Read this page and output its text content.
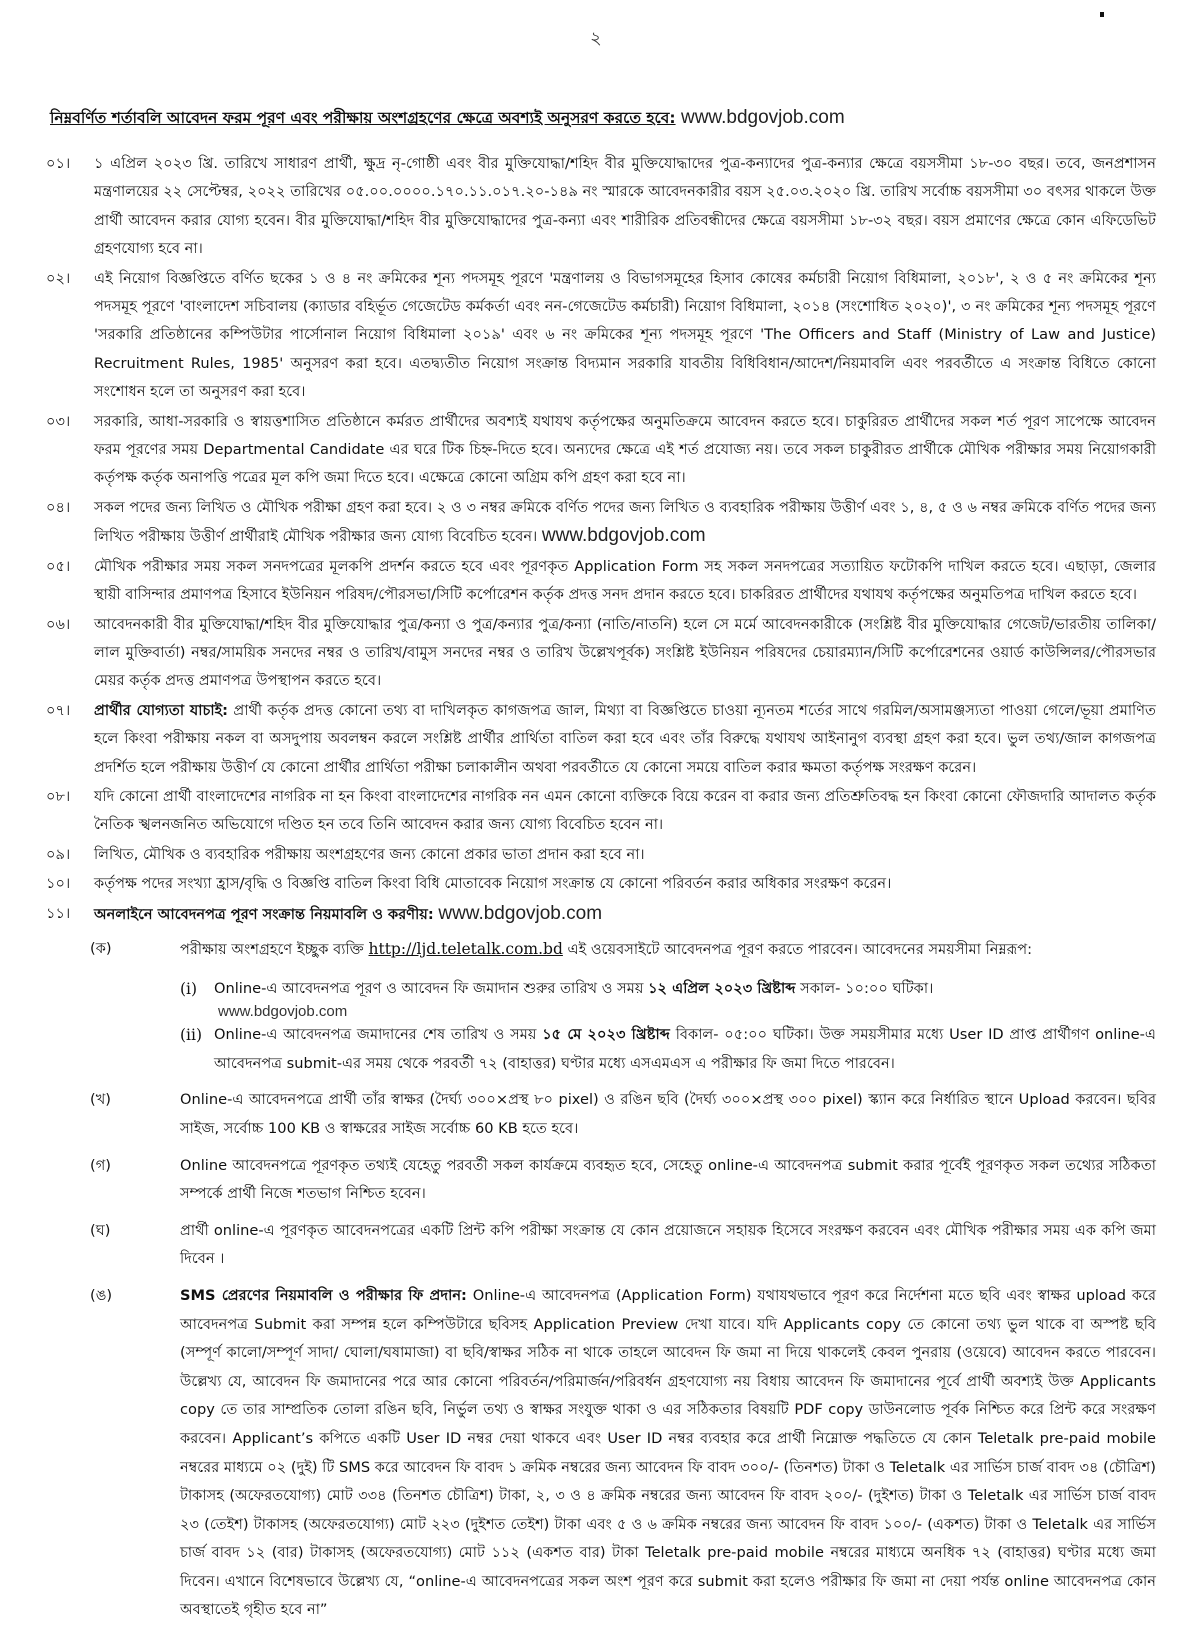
২
নিম্নবর্ণিত শর্তাবলি আবেদন ফরম পূরণ এবং পরীক্ষায় অংশগ্রহণের ক্ষেত্রে অবশ্যই অনুসরণ করতে হবে: www.bdgovjob.com
০১।	১ এপ্রিল ২০২৩ খ্রি. তারিখে সাধারণ প্রার্থী, ক্ষুদ্র নৃ-গোষ্ঠী এবং বীর মুক্তিযোদ্ধা/শহিদ বীর মুক্তিযোদ্ধাদের পুত্র-কন্যাদের পুত্র-কন্যার ক্ষেত্রে বয়সসীমা ১৮-৩০ বছর। তবে, জনপ্রশাসন মন্ত্রণালয়ের ২২ সেপ্টেম্বর, ২০২২ তারিখের ০৫.০০.০০০০.১৭০.১১.০১৭.২০-১৪৯ নং স্মারকে আবেদনকারীর বয়স ২৫.০৩.২০২০ খ্রি. তারিখ সর্বোচ্চ বয়সসীমা ৩০ বৎসর থাকলে উক্ত প্রার্থী আবেদন করার যোগ্য হবেন। বীর মুক্তিযোদ্ধা/শহিদ বীর মুক্তিযোদ্ধাদের পুত্র-কন্যা এবং শারীরিক প্রতিবন্ধীদের ক্ষেত্রে বয়সসীমা ১৮-৩২ বছর। বয়স প্রমাণের ক্ষেত্রে কোন এফিডেভিট গ্রহণযোগ্য হবে না।
০২।	এই নিয়োগ বিজ্ঞপ্তিতে বর্ণিত ছকের ১ ও ৪ নং ক্রমিকের শূন্য পদসমূহ পূরণে 'মন্ত্রণালয় ও বিভাগসমূহের হিসাব কোষের কর্মচারী নিয়োগ বিধিমালা, ২০১৮', ২ ও ৫ নং ক্রমিকের শূন্য পদসমূহ পূরণে 'বাংলাদেশ সচিবালয় (ক্যাডার বহির্ভূত গেজেটেড কর্মকর্তা এবং নন-গেজেটেড কর্মচারী) নিয়োগ বিধিমালা, ২০১৪ (সংশোধিত ২০২০)', ৩ নং ক্রমিকের শূন্য পদসমূহ পূরণে 'সরকারি প্রতিষ্ঠানের কম্পিউটার পার্সোনাল নিয়োগ বিধিমালা ২০১৯' এবং ৬ নং ক্রমিকের শূন্য পদসমূহ পূরণে 'The Officers and Staff (Ministry of Law and Justice) Recruitment Rules, 1985' অনুসরণ করা হবে। এতদ্ব্যতীত নিয়োগ সংক্রান্ত বিদ্যমান সরকারি যাবতীয় বিধিবিধান/আদেশ/নিয়মাবলি এবং পরবর্তীতে এ সংক্রান্ত বিধিতে কোনো সংশোধন হলে তা অনুসরণ করা হবে।
০৩।	সরকারি, আধা-সরকারি ও স্বায়ত্তশাসিত প্রতিষ্ঠানে কর্মরত প্রার্থীদের অবশ্যই যথাযথ কর্তৃপক্ষের অনুমতিক্রমে আবেদন করতে হবে। চাকুরিরত প্রার্থীদের সকল শর্ত পূরণ সাপেক্ষে আবেদন ফরম পূরণের সময় Departmental Candidate এর ঘরে টিক চিহ্ন-দিতে হবে। অন্যদের ক্ষেত্রে এই শর্ত প্রযোজ্য নয়। তবে সকল চাকুরীরত প্রার্থীকে মৌখিক পরীক্ষার সময় নিয়োগকারী কর্তৃপক্ষ কর্তৃক অনাপত্তি পত্রের মূল কপি জমা দিতে হবে। এক্ষেত্রে কোনো অগ্রিম কপি গ্রহণ করা হবে না।
০৪।	সকল পদের জন্য লিখিত ও মৌখিক পরীক্ষা গ্রহণ করা হবে। ২ ও ৩ নম্বর ক্রমিকে বর্ণিত পদের জন্য লিখিত ও ব্যবহারিক পরীক্ষায় উত্তীর্ণ এবং ১, ৪, ৫ ও ৬ নম্বর ক্রমিকে বর্ণিত পদের জন্য লিখিত পরীক্ষায় উত্তীর্ণ প্রার্থীরাই মৌখিক পরীক্ষার জন্য যোগ্য বিবেচিত হবেন। www.bdgovjob.com
০৫।	মৌখিক পরীক্ষার সময় সকল সনদপত্রের মূলকপি প্রদর্শন করতে হবে এবং পূরণকৃত Application Form সহ সকল সনদপত্রের সত্যায়িত ফটোকপি দাখিল করতে হবে। এছাড়া, জেলার স্থায়ী বাসিন্দার প্রমাণপত্র হিসাবে ইউনিয়ন পরিষদ/পৌরসভা/সিটি কর্পোরেশন কর্তৃক প্রদত্ত সনদ প্রদান করতে হবে। চাকরিরত প্রার্থীদের যথাযথ কর্তৃপক্ষের অনুমতিপত্র দাখিল করতে হবে।
০৬।	আবেদনকারী বীর মুক্তিযোদ্ধা/শহিদ বীর মুক্তিযোদ্ধার পুত্র/কন্যা ও পুত্র/কন্যার পুত্র/কন্যা (নাতি/নাতনি) হলে সে মর্মে আবেদনকারীকে (সংশ্লিষ্ট বীর মুক্তিযোদ্ধার গেজেট/ভারতীয় তালিকা/লাল মুক্তিবার্তা) নম্বর/সাময়িক সনদের নম্বর ও তারিখ/বামুস সনদের নম্বর ও তারিখ উল্লেখপূর্বক) সংশ্লিষ্ট ইউনিয়ন পরিষদের চেয়ারম্যান/সিটি কর্পোরেশনের ওয়ার্ড কাউন্সিলর/পৌরসভার মেয়র কর্তৃক প্রদত্ত প্রমাণপত্র উপস্থাপন করতে হবে।
০৭।	প্রার্থীর যোগ্যতা যাচাই: প্রার্থী কর্তৃক প্রদত্ত কোনো তথ্য বা দাখিলকৃত কাগজপত্র জাল, মিথ্যা বা বিজ্ঞপ্তিতে চাওয়া ন্যূনতম শর্তের সাথে গরমিল/অসামঞ্জস্যতা পাওয়া গেলে/ভূয়া প্রমাণিত হলে কিংবা পরীক্ষায় নকল বা অসদুপায় অবলম্বন করলে সংশ্লিষ্ট প্রার্থীর প্রার্থিতা বাতিল করা হবে এবং তাঁর বিরুদ্ধে যথাযথ আইনানুগ ব্যবস্থা গ্রহণ করা হবে। ভুল তথ্য/জাল কাগজপত্র প্রদর্শিত হলে পরীক্ষায় উত্তীর্ণ যে কোনো প্রার্থীর প্রার্থিতা পরীক্ষা চলাকালীন অথবা পরবর্তীতে যে কোনো সময়ে বাতিল করার ক্ষমতা কর্তৃপক্ষ সংরক্ষণ করেন।
০৮।	যদি কোনো প্রার্থী বাংলাদেশের নাগরিক না হন কিংবা বাংলাদেশের নাগরিক নন এমন কোনো ব্যক্তিকে বিয়ে করেন বা করার জন্য প্রতিশ্রুতিবদ্ধ হন কিংবা কোনো ফৌজদারি আদালত কর্তৃক নৈতিক স্খলনজনিত অভিযোগে দণ্ডিত হন তবে তিনি আবেদন করার জন্য যোগ্য বিবেচিত হবেন না।
০৯।	লিখিত, মৌখিক ও ব্যবহারিক পরীক্ষায় অংশগ্রহণের জন্য কোনো প্রকার ভাতা প্রদান করা হবে না।
১০।	কর্তৃপক্ষ পদের সংখ্যা হ্রাস/বৃদ্ধি ও বিজ্ঞপ্তি বাতিল কিংবা বিধি মোতাবেক নিয়োগ সংক্রান্ত যে কোনো পরিবর্তন করার অধিকার সংরক্ষণ করেন।
১১।	অনলাইনে আবেদনপত্র পূরণ সংক্রান্ত নিয়মাবলি ও করণীয়: www.bdgovjob.com
(ক)	পরীক্ষায় অংশগ্রহণে ইচ্ছুক ব্যক্তি http://ljd.teletalk.com.bd এই ওয়েবসাইটে আবেদনপত্র পূরণ করতে পারবেন। আবেদনের সময়সীমা নিম্নরূপ:
(i)	Online-এ আবেদনপত্র পূরণ ও আবেদন ফি জমাদান শুরুর তারিখ ও সময় ১২ এপ্রিল ২০২৩ খ্রিষ্টাব্দ সকাল- ১০:০০ ঘটিকা।
www.bdgovjob.com
(ii) Online-এ আবেদনপত্র জমাদানের শেষ তারিখ ও সময় ১৫ মে ২০২৩ খ্রিষ্টাব্দ বিকাল- ০৫:০০ ঘটিকা। উক্ত সময়সীমার মধ্যে User ID প্রাপ্ত প্রার্থীগণ online-এ আবেদনপত্র submit-এর সময় থেকে পরবর্তী ৭২ (বাহাত্তর) ঘণ্টার মধ্যে এসএমএস এ পরীক্ষার ফি জমা দিতে পারবেন।
(খ)	Online-এ আবেদনপত্রে প্রার্থী তাঁর স্বাক্ষর (দৈর্ঘ্য ৩০০×প্রস্থ ৮০ pixel) ও রঙিন ছবি (দৈর্ঘ্য ৩০০×প্রস্থ ৩০০ pixel) স্ক্যান করে নির্ধারিত স্থানে Upload করবেন। ছবির সাইজ, সর্বোচ্চ 100 KB ও স্বাক্ষরের সাইজ সর্বোচ্চ 60 KB হতে হবে।
(গ)	Online আবেদনপত্রে পূরণকৃত তথ্যই যেহেতু পরবর্তী সকল কার্যক্রমে ব্যবহৃত হবে, সেহেতু online-এ আবেদনপত্র submit করার পূর্বেই পূরণকৃত সকল তথ্যের সঠিকতা সম্পর্কে প্রার্থী নিজে শতভাগ নিশ্চিত হবেন।
(ঘ)	প্রার্থী online-এ পূরণকৃত আবেদনপত্রের একটি প্রিন্ট কপি পরীক্ষা সংক্রান্ত যে কোন প্রয়োজনে সহায়ক হিসেবে সংরক্ষণ করবেন এবং মৌখিক পরীক্ষার সময় এক কপি জমা দিবেন ।
(ঙ)	SMS প্রেরণের নিয়মাবলি ও পরীক্ষার ফি প্রদান: Online-এ আবেদনপত্র (Application Form) যথাযথভাবে পূরণ করে নির্দেশনা মতে ছবি এবং স্বাক্ষর upload করে আবেদনপত্র Submit করা সম্পন্ন হলে কম্পিউটারে ছবিসহ Application Preview দেখা যাবে। যদি Applicants copy তে কোনো তথ্য ভুল থাকে বা অস্পষ্ট ছবি (সম্পূর্ণ কালো/সম্পূর্ণ সাদা/ ঘোলা/ঘষামাজা) বা ছবি/স্বাক্ষর সঠিক না থাকে তাহলে আবেদন ফি জমা না দিয়ে থাকলেই কেবল পুনরায় (ওয়েবে) আবেদন করতে পারবেন। উল্লেখ্য যে, আবেদন ফি জমাদানের পরে আর কোনো পরিবর্তন/পরিমার্জন/পরিবর্ধন গ্রহণযোগ্য নয় বিধায় আবেদন ফি জমাদানের পূর্বে প্রার্থী অবশ্যই উক্ত Applicants copy তে তার সাম্প্রতিক তোলা রঙিন ছবি, নির্ভুল তথ্য ও স্বাক্ষর সংযুক্ত থাকা ও এর সঠিকতার বিষয়টি PDF copy ডাউনলোড পূর্বক নিশ্চিত করে প্রিন্ট করে সংরক্ষণ করবেন। Applicant’s কপিতে একটি User ID নম্বর দেয়া থাকবে এবং User ID নম্বর ব্যবহার করে প্রার্থী নিম্নোক্ত পদ্ধতিতে যে কোন Teletalk pre-paid mobile নম্বরের মাধ্যমে ০২ (দুই) টি SMS করে আবেদন ফি বাবদ ১ ক্রমিক নম্বরের জন্য আবেদন ফি বাবদ ৩০০/- (তিনশত) টাকা ও Teletalk এর সার্ভিস চার্জ বাবদ ৩৪ (চৌত্রিশ) টাকাসহ (অফেরতযোগ্য) মোট ৩৩৪ (তিনশত চৌত্রিশ) টাকা, ২, ৩ ও ৪ ক্রমিক নম্বরের জন্য আবেদন ফি বাবদ ২০০/- (দুইশত) টাকা ও Teletalk এর সার্ভিস চার্জ বাবদ ২৩ (তেইশ) টাকাসহ (অফেরতযোগ্য) মোট ২২৩ (দুইশত তেইশ) টাকা এবং ৫ ও ৬ ক্রমিক নম্বরের জন্য আবেদন ফি বাবদ ১০০/- (একশত) টাকা ও Teletalk এর সার্ভিস চার্জ বাবদ ১২ (বার) টাকাসহ (অফেরতযোগ্য) মোট ১১২ (একশত বার) টাকা Teletalk pre-paid mobile নম্বরের মাধ্যমে অনধিক ৭২ (বাহাত্তর) ঘণ্টার মধ্যে জমা দিবেন। এখানে বিশেষভাবে উল্লেখ্য যে, “online-এ আবেদনপত্রের সকল অংশ পূরণ করে submit করা হলেও পরীক্ষার ফি জমা না দেয়া পর্যন্ত online আবেদনপত্র কোন অবস্থাতেই গৃহীত হবে না”
